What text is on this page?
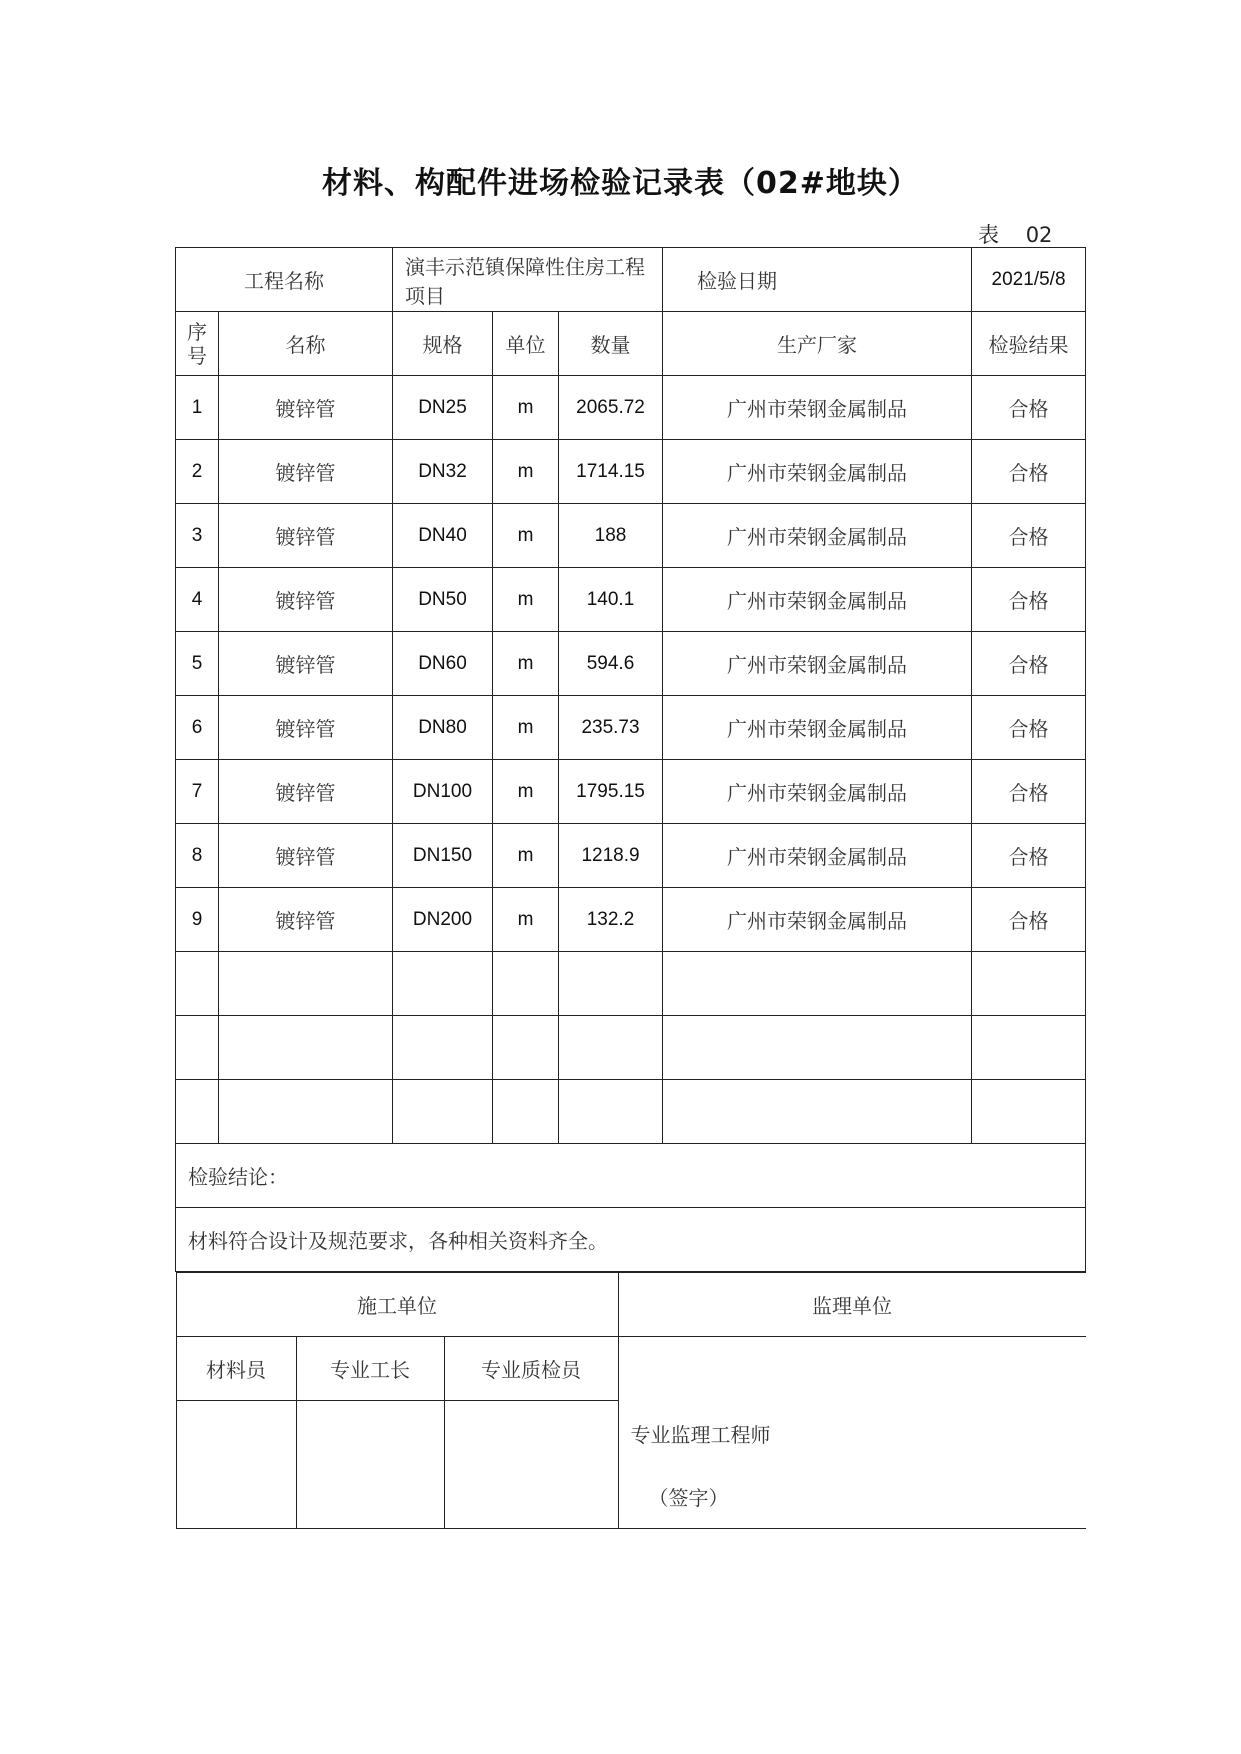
材料、构配件进场检验记录表（02#地块）
表    02
工程名称	演丰示范镇保障性住房工程项目	检验日期	2021/5/8

序
号	名称	规格	单位	数量	生产厂家	检验结果
1	镀锌管	DN25	m	2065.72	广州市荣钢金属制品	合格
2	镀锌管	DN32	m	1714.15	广州市荣钢金属制品	合格
3	镀锌管	DN40	m	188	广州市荣钢金属制品	合格
4	镀锌管	DN50	m	140.1	广州市荣钢金属制品	合格
5	镀锌管	DN60	m	594.6	广州市荣钢金属制品	合格
6	镀锌管	DN80	m	235.73	广州市荣钢金属制品	合格
7	镀锌管	DN100	m	1795.15	广州市荣钢金属制品	合格
8	镀锌管	DN150	m	1218.9	广州市荣钢金属制品	合格
9	镀锌管	DN200	m	132.2	广州市荣钢金属制品	合格

检验结论：
材料符合设计及规范要求，各种相关资料齐全。

施工单位	监理单位
材料员	专业工长	专业质检员	
专业监理工程师
（签字）
